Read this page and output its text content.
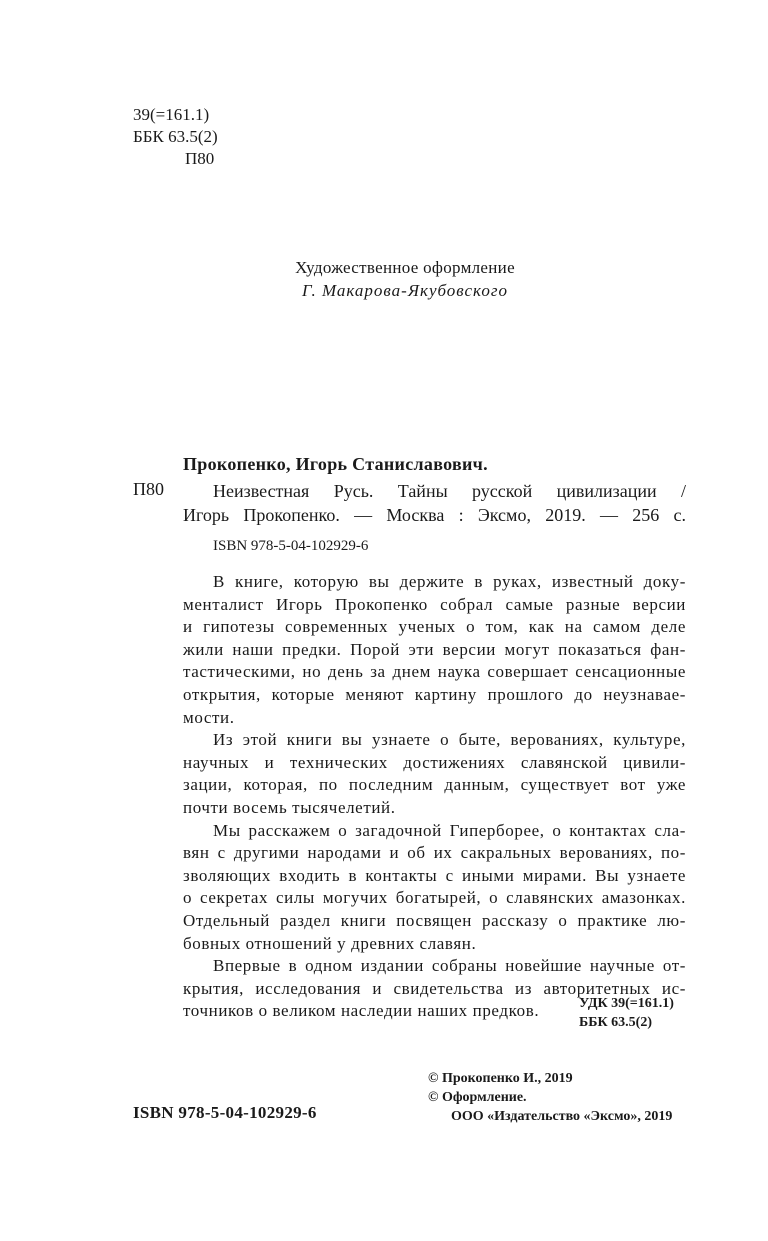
39(=161.1)
ББК 63.5(2)
П80
Художественное оформление
Г. Макарова-Якубовского
Прокопенко, Игорь Станиславович.
П80	Неизвестная Русь. Тайны русской цивилизации /
Игорь Прокопенко. — Москва : Эксмо, 2019. — 256 с.
ISBN 978-5-04-102929-6
В книге, которую вы держите в руках, известный доку-
менталист Игорь Прокопенко собрал самые разные версии
и гипотезы современных ученых о том, как на самом деле
жили наши предки. Порой эти версии могут показаться фан-
тастическими, но день за днем наука совершает сенсационные
открытия, которые меняют картину прошлого до неузнавае-
мости.
Из этой книги вы узнаете о быте, верованиях, культуре,
научных и технических достижениях славянской цивили-
зации, которая, по последним данным, существует вот уже
почти восемь тысячелетий.
Мы расскажем о загадочной Гиперборее, о контактах сла-
вян с другими народами и об их сакральных верованиях, по-
зволяющих входить в контакты с иными мирами. Вы узнаете
о секретах силы могучих богатырей, о славянских амазонках.
Отдельный раздел книги посвящен рассказу о практике лю-
бовных отношений у древних славян.
Впервые в одном издании собраны новейшие научные от-
крытия, исследования и свидетельства из авторитетных ис-
точников о великом наследии наших предков.	УДК 39(=161.1)
ББК 63.5(2)
© Прокопенко И., 2019
© Оформление.
ООО «Издательство «Эксмо», 2019
ISBN 978-5-04-102929-6
